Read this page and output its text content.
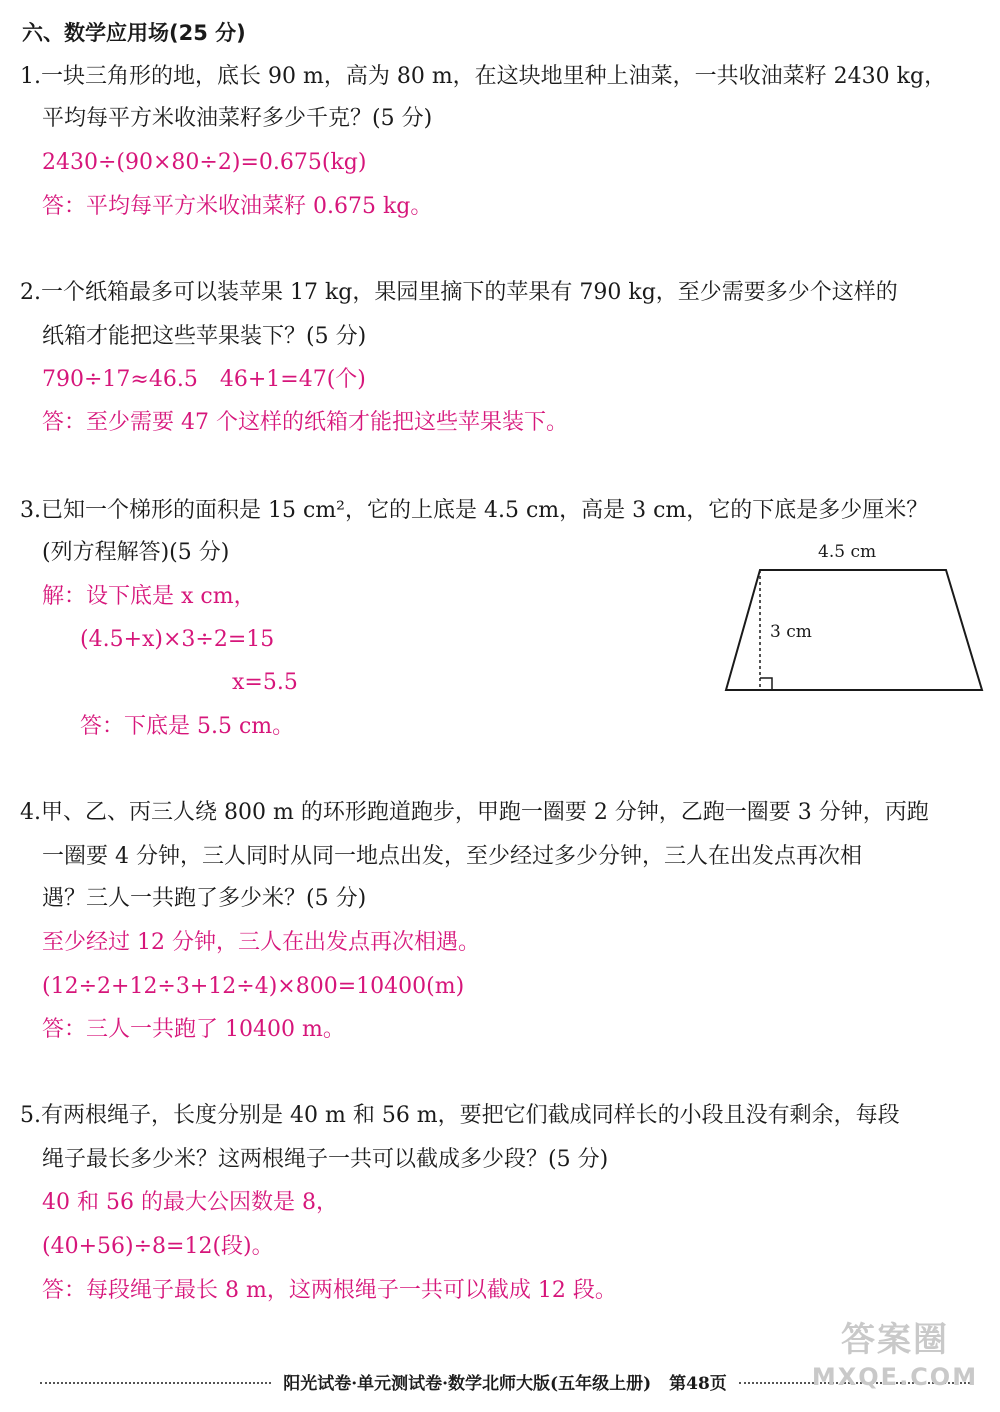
六、数学应用场(25 分)
1.一块三角形的地，底长 90 m，高为 80 m，在这块地里种上油菜，一共收油菜籽 2430 kg，
平均每平方米收油菜籽多少千克？(5 分)
2430÷(90×80÷2)=0.675(kg)
答：平均每平方米收油菜籽 0.675 kg。
2.一个纸箱最多可以装苹果 17 kg，果园里摘下的苹果有 790 kg，至少需要多少个这样的
纸箱才能把这些苹果装下？(5 分)
790÷17≈46.5　46+1=47(个)
答：至少需要 47 个这样的纸箱才能把这些苹果装下。
3.已知一个梯形的面积是 15 cm²，它的上底是 4.5 cm，高是 3 cm，它的下底是多少厘米？
(列方程解答)(5 分)
解：设下底是 x cm，
(4.5+x)×3÷2=15
x=5.5
答：下底是 5.5 cm。
4.5 cm
3 cm
4.甲、乙、丙三人绕 800 m 的环形跑道跑步，甲跑一圈要 2 分钟，乙跑一圈要 3 分钟，丙跑
一圈要 4 分钟，三人同时从同一地点出发，至少经过多少分钟，三人在出发点再次相
遇？三人一共跑了多少米？(5 分)
至少经过 12 分钟，三人在出发点再次相遇。
(12÷2+12÷3+12÷4)×800=10400(m)
答：三人一共跑了 10400 m。
5.有两根绳子，长度分别是 40 m 和 56 m，要把它们截成同样长的小段且没有剩余，每段
绳子最长多少米？这两根绳子一共可以截成多少段？(5 分)
40 和 56 的最大公因数是 8，
(40+56)÷8=12(段)。
答：每段绳子最长 8 m，这两根绳子一共可以截成 12 段。
阳光试卷·单元测试卷·数学北师大版(五年级上册) 第48页
答案圈
MXQE.COM
